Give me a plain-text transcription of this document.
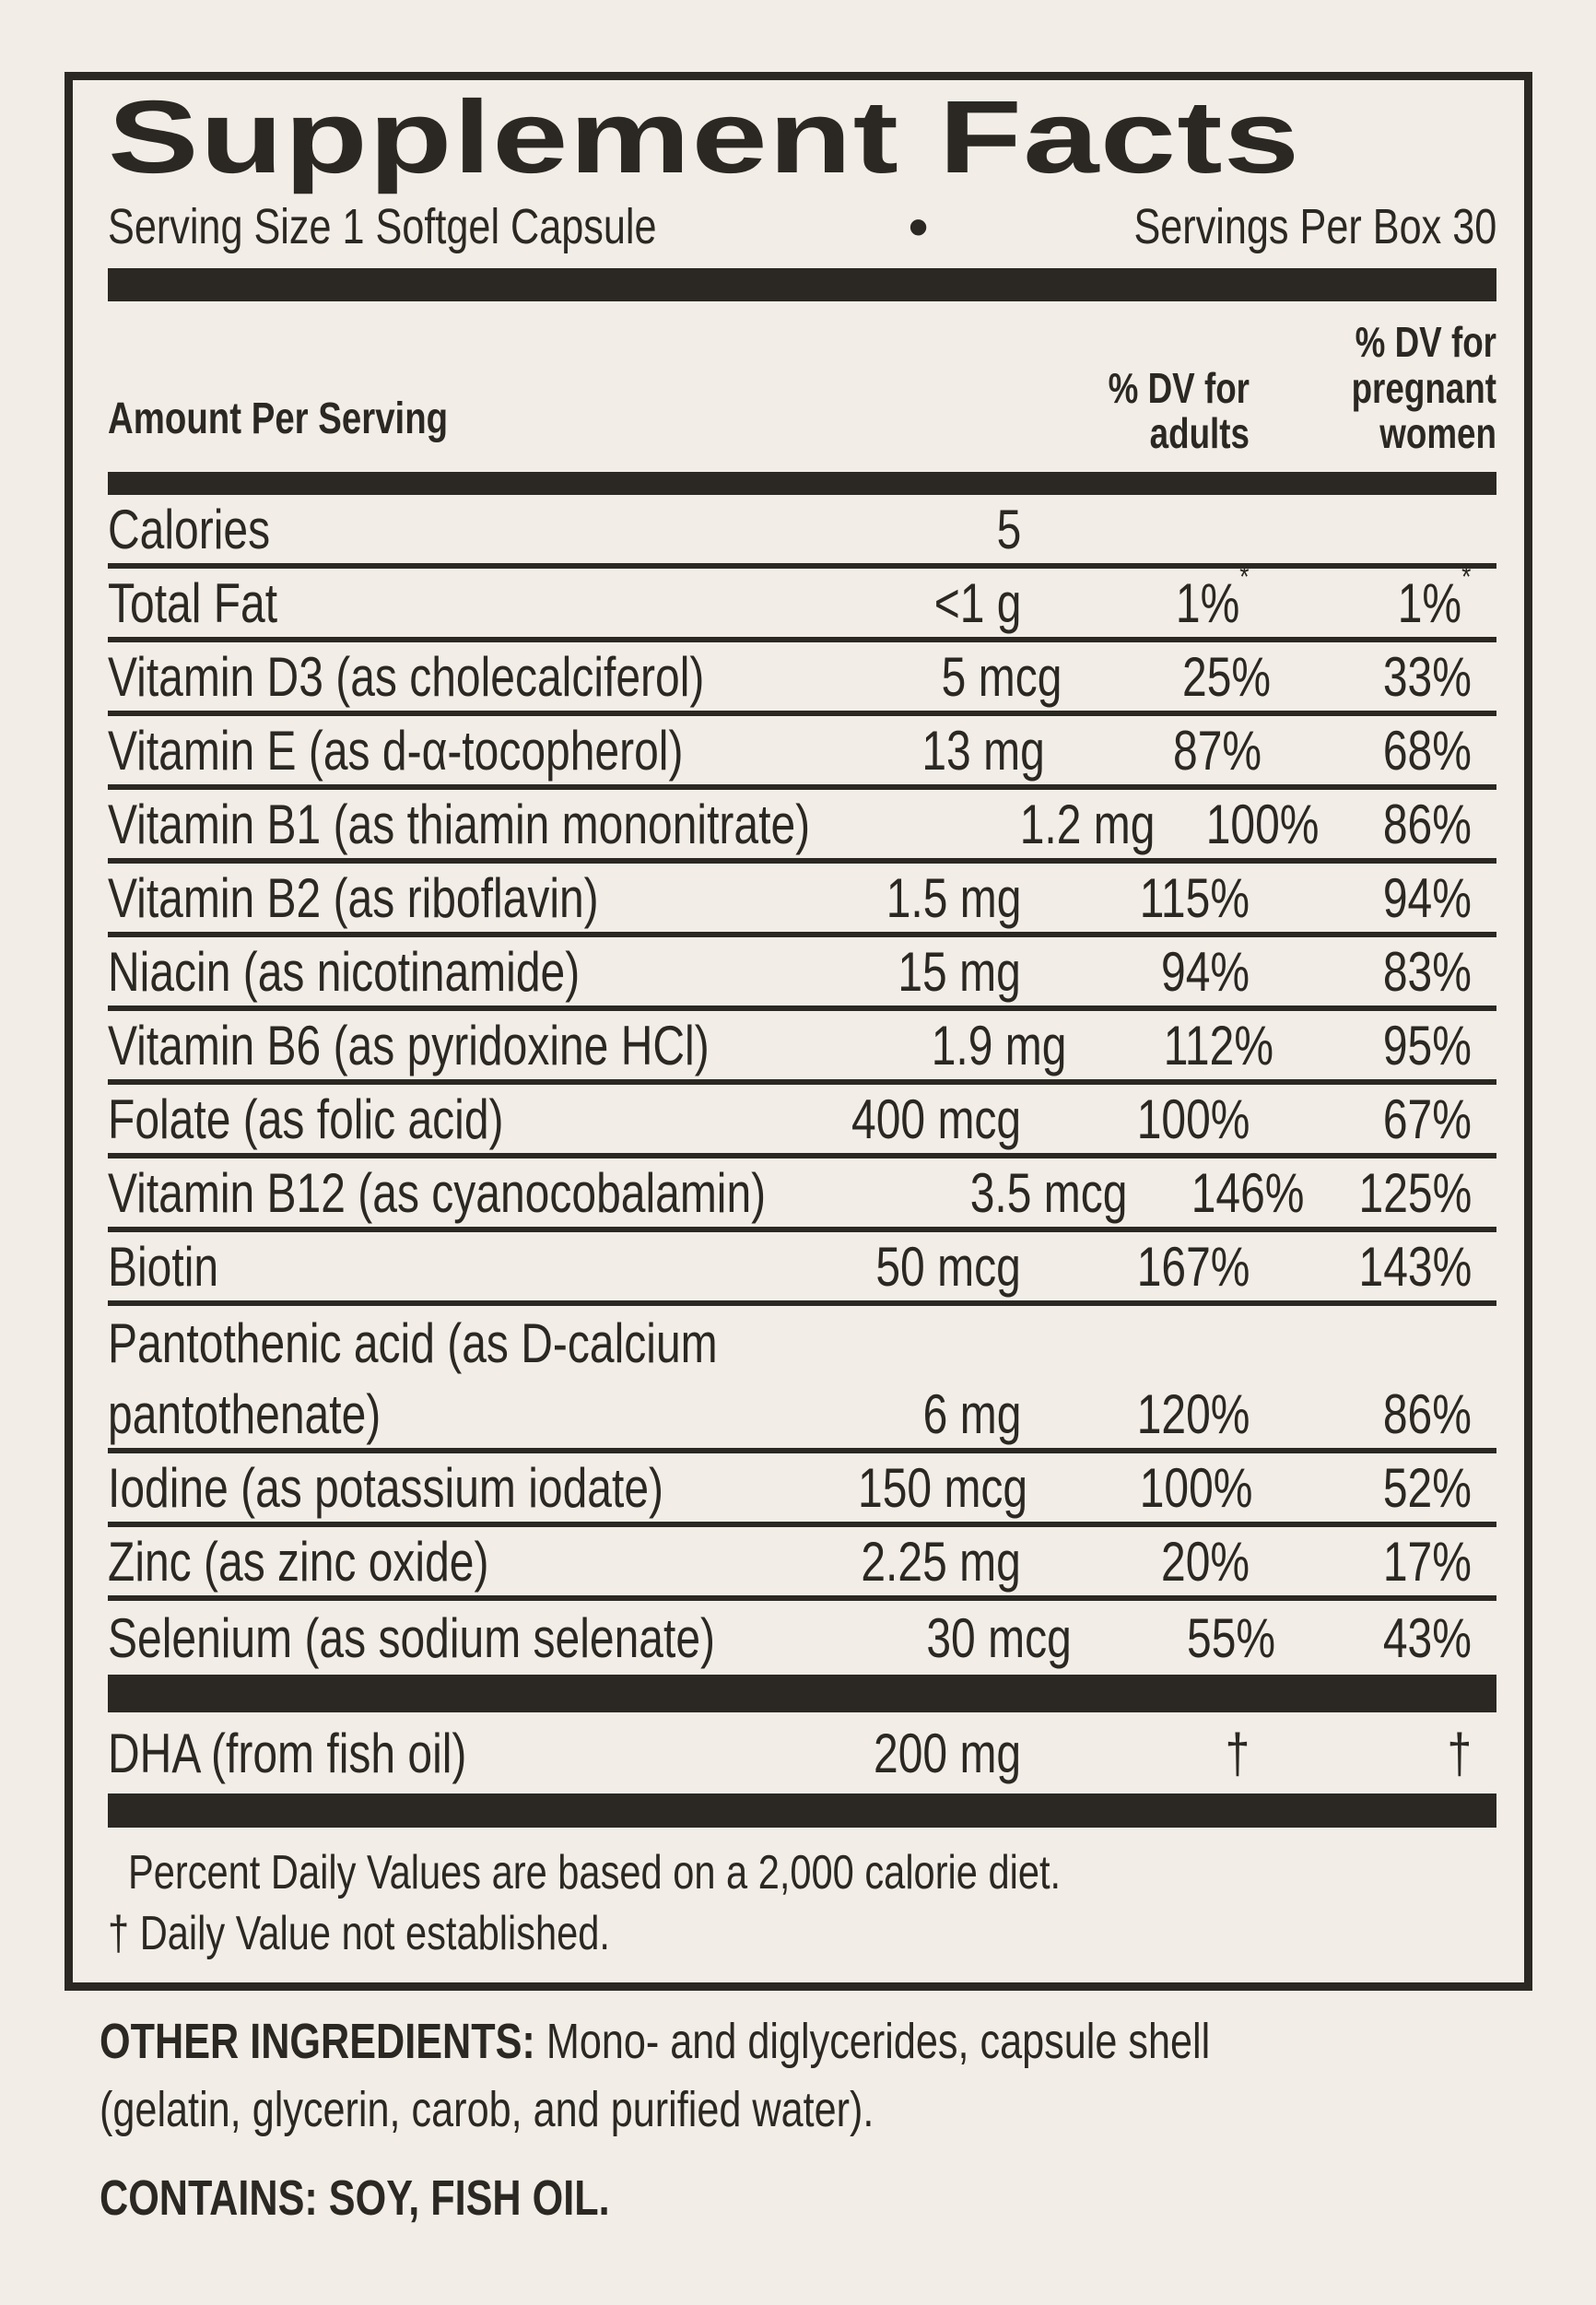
Supplement Facts
Serving Size 1 Softgel Capsule	•	Servings Per Box 30
Amount Per Serving
% DV for adults
% DV for pregnant women
Calories	5
Total Fat	<1 g	1%*	1%*
Vitamin D3 (as cholecalciferol)	5 mcg	25%	33%
Vitamin E (as d-α-tocopherol)	13 mg	87%	68%
Vitamin B1 (as thiamin mononitrate)	1.2 mg 100%	86%
Vitamin B2 (as riboflavin)	1.5 mg	115%	94%
Niacin (as nicotinamide)	15 mg	94%	83%
Vitamin B6 (as pyridoxine HCl)	1.9 mg	112%	95%
Folate (as folic acid)	400 mcg	100%	67%
Vitamin B12 (as cyanocobalamin)	3.5 mcg	146% 125%
Biotin	50 mcg	167%	143%
Pantothenic acid (as D-calcium
pantothenate)	6 mg	120%	86%
Iodine (as potassium iodate)	150 mcg	100%	52%
Zinc (as zinc oxide)	2.25 mg	20%	17%
Selenium (as sodium selenate)	30 mcg	55%	43%
DHA (from fish oil)	200 mg	†	†
Percent Daily Values are based on a 2,000 calorie diet.
† Daily Value not established.

OTHER INGREDIENTS: Mono- and diglycerides, capsule shell (gelatin, glycerin, carob, and purified water).

CONTAINS: SOY, FISH OIL.
